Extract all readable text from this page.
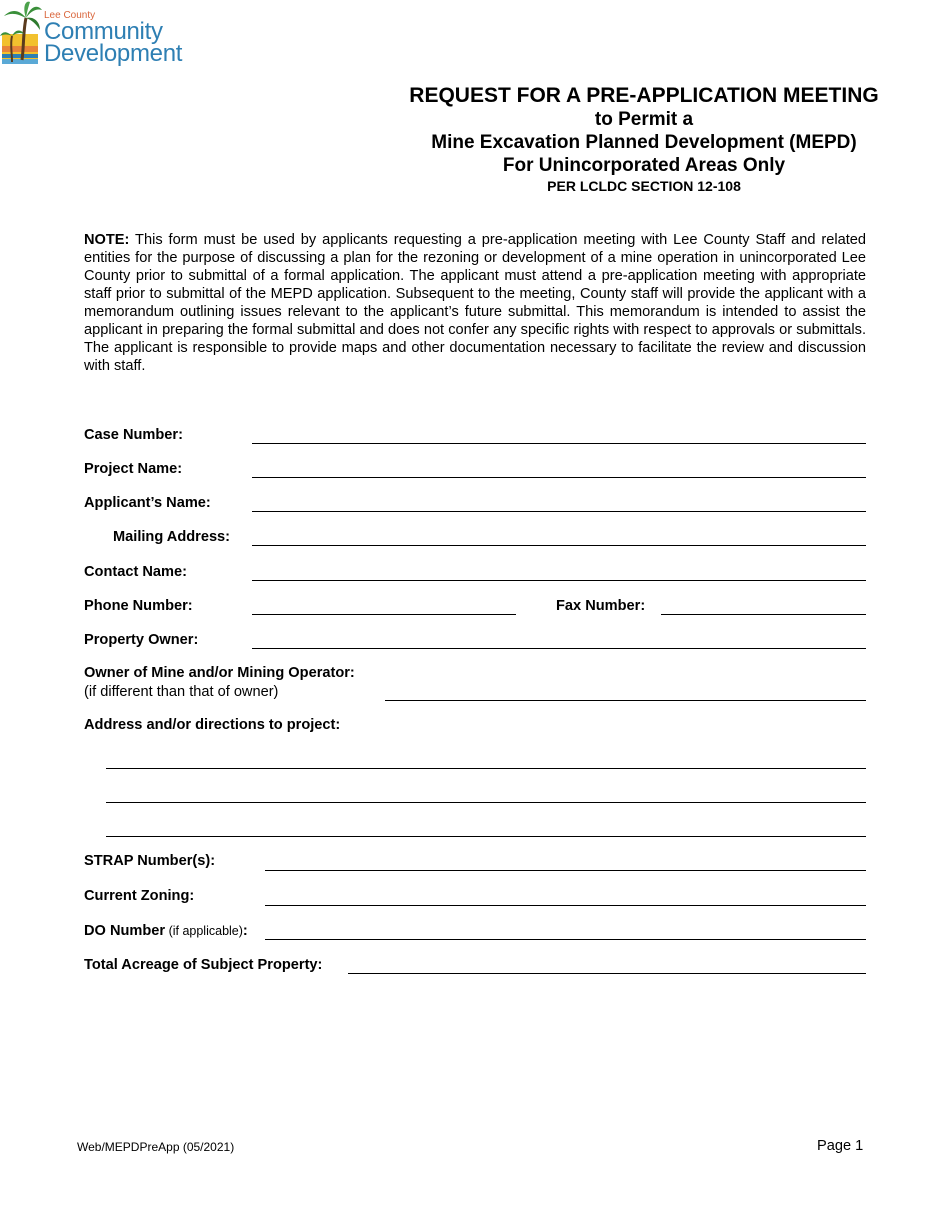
Lee County
Community
Development
REQUEST FOR A PRE-APPLICATION MEETING
to Permit a
Mine Excavation Planned Development (MEPD)
For Unincorporated Areas Only
PER LCLDC SECTION 12-108
NOTE: This form must be used by applicants requesting a pre-application meeting with Lee County Staff and related entities for the purpose of discussing a plan for the rezoning or development of a mine operation in unincorporated Lee County prior to submittal of a formal application. The applicant must attend a pre-application meeting with appropriate staff prior to submittal of the MEPD application. Subsequent to the meeting, County staff will provide the applicant with a memorandum outlining issues relevant to the applicant’s future submittal. This memorandum is intended to assist the applicant in preparing the formal submittal and does not confer any specific rights with respect to approvals or submittals. The applicant is responsible to provide maps and other documentation necessary to facilitate the review and discussion with staff.
Case Number:
Project Name:
Applicant’s Name:
Mailing Address:
Contact Name:
Phone Number:	Fax Number:
Property Owner:
Owner of Mine and/or Mining Operator:
(if different than that of owner)
Address and/or directions to project:
STRAP Number(s):
Current Zoning:
DO Number (if applicable):
Total Acreage of Subject Property:
Web/MEPDPreApp (05/2021)	Page 1
